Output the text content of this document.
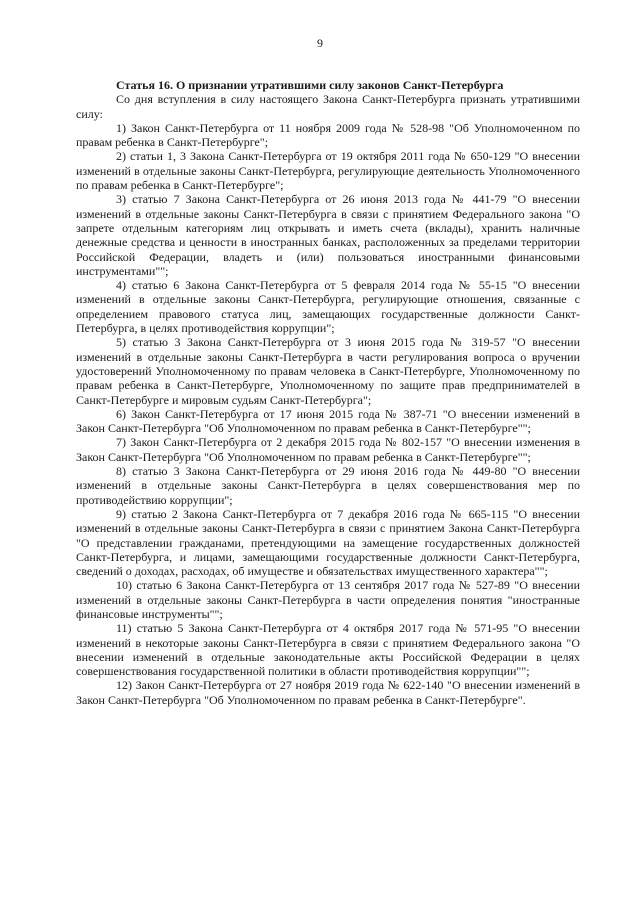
9

Статья 16. О признании утратившими силу законов Санкт-Петербурга

Со дня вступления в силу настоящего Закона Санкт-Петербурга признать утратившими силу:

1) Закон Санкт-Петербурга от 11 ноября 2009 года № 528-98 "Об Уполномоченном по правам ребенка в Санкт-Петербурге";

2) статьи 1, 3 Закона Санкт-Петербурга от 19 октября 2011 года № 650-129 "О внесении изменений в отдельные законы Санкт-Петербурга, регулирующие деятельность Уполномоченного по правам ребенка в Санкт-Петербурге";

3) статью 7 Закона Санкт-Петербурга от 26 июня 2013 года № 441-79 "О внесении изменений в отдельные законы Санкт-Петербурга в связи с принятием Федерального закона "О запрете отдельным категориям лиц открывать и иметь счета (вклады), хранить наличные денежные средства и ценности в иностранных банках, расположенных за пределами территории Российской Федерации, владеть и (или) пользоваться иностранными финансовыми инструментами"";

4) статью 6 Закона Санкт-Петербурга от 5 февраля 2014 года № 55-15 "О внесении изменений в отдельные законы Санкт-Петербурга, регулирующие отношения, связанные с определением правового статуса лиц, замещающих государственные должности Санкт-Петербурга, в целях противодействия коррупции";

5) статью 3 Закона Санкт-Петербурга от 3 июня 2015 года № 319-57 "О внесении изменений в отдельные законы Санкт-Петербурга в части регулирования вопроса о вручении удостоверений Уполномоченному по правам человека в Санкт-Петербурге, Уполномоченному по правам ребенка в Санкт-Петербурге, Уполномоченному по защите прав предпринимателей в Санкт-Петербурге и мировым судьям Санкт-Петербурга";

6) Закон Санкт-Петербурга от 17 июня 2015 года № 387-71 "О внесении изменений в Закон Санкт-Петербурга "Об Уполномоченном по правам ребенка в Санкт-Петербурге"";

7) Закон Санкт-Петербурга от 2 декабря 2015 года № 802-157 "О внесении изменения в Закон Санкт-Петербурга "Об Уполномоченном по правам ребенка в Санкт-Петербурге"";

8) статью 3 Закона Санкт-Петербурга от 29 июня 2016 года № 449-80 "О внесении изменений в отдельные законы Санкт-Петербурга в целях совершенствования мер по противодействию коррупции";

9) статью 2 Закона Санкт-Петербурга от 7 декабря 2016 года № 665-115 "О внесении изменений в отдельные законы Санкт-Петербурга в связи с принятием Закона Санкт-Петербурга "О представлении гражданами, претендующими на замещение государственных должностей Санкт-Петербурга, и лицами, замещающими государственные должности Санкт-Петербурга, сведений о доходах, расходах, об имуществе и обязательствах имущественного характера"";

10) статью 6 Закона Санкт-Петербурга от 13 сентября 2017 года № 527-89 "О внесении изменений в отдельные законы Санкт-Петербурга в части определения понятия "иностранные финансовые инструменты"";

11) статью 5 Закона Санкт-Петербурга от 4 октября 2017 года № 571-95 "О внесении изменений в некоторые законы Санкт-Петербурга в связи с принятием Федерального закона "О внесении изменений в отдельные законодательные акты Российской Федерации в целях совершенствования государственной политики в области противодействия коррупции"";

12) Закон Санкт-Петербурга от 27 ноября 2019 года № 622-140 "О внесении изменений в Закон Санкт-Петербурга "Об Уполномоченном по правам ребенка в Санкт-Петербурге".
